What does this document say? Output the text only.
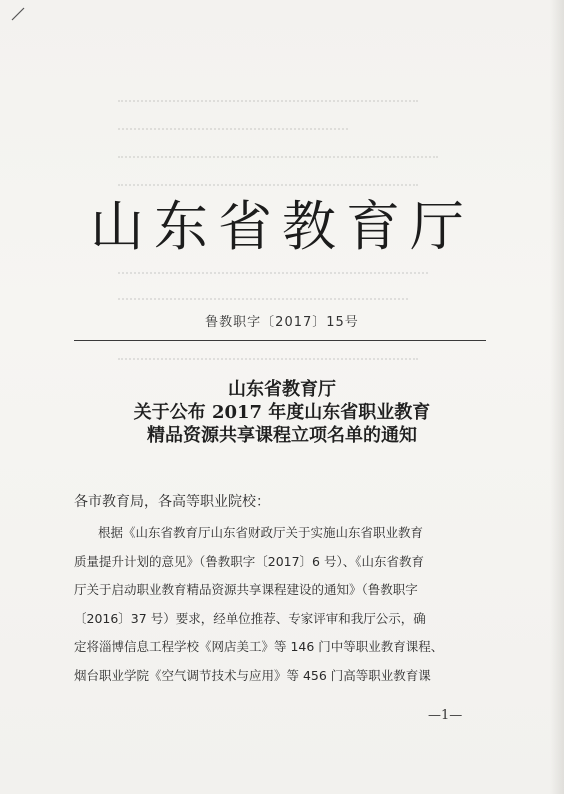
山东省教育厅
鲁教职字〔2017〕15号
山东省教育厅
关于公布 2017 年度山东省职业教育
精品资源共享课程立项名单的通知
各市教育局，各高等职业院校：
根据《山东省教育厅山东省财政厅关于实施山东省职业教育
质量提升计划的意见》（鲁教职字〔2017〕6 号）、《山东省教育
厅关于启动职业教育精品资源共享课程建设的通知》（鲁教职字
〔2016〕37 号）要求，经单位推荐、专家评审和我厅公示，确
定将淄博信息工程学校《网店美工》等 146 门中等职业教育课程、
烟台职业学院《空气调节技术与应用》等 456 门高等职业教育课
—1—
